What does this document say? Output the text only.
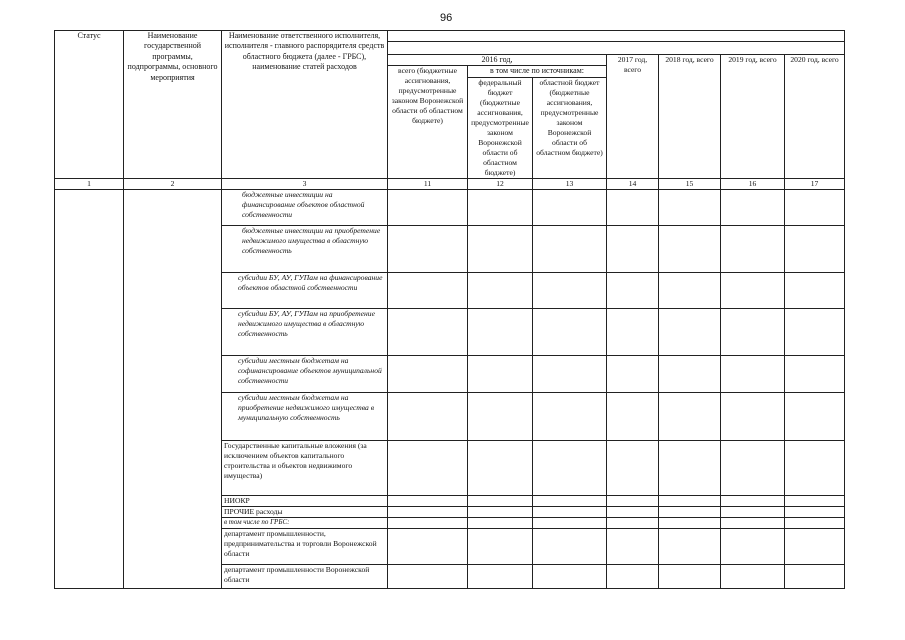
96
Статус	Наименование государственной программы, подпрограммы, основного мероприятия	Наименование ответственного исполнителя, исполнителя - главного распорядителя средств областного бюджета (далее - ГРБС), наименование статей расходов							

			2016 год,			2017 год, всего	2018 год, всего	2019 год, всего	2020 год, всего
			всего (бюджетные ассигнования, предусмотренные законом Воронежской области об областном бюджете)	в том числе по источникам:					
				федеральный бюджет (бюджетные ассигнования, предусмотренные законом Воронежской области об областном бюджете)	областной бюджет (бюджетные ассигнования, предусмотренные законом Воронежской области об областном бюджете)				
1	2	3	11	12	13	14	15	16	17
		бюджетные инвестиции на финансирование объектов областной собственности							
		бюджетные инвестиции на приобретение недвижимого имущества в областную собственность							
		субсидии БУ, АУ, ГУПам на финансирование объектов областной собственности							
		субсидии БУ, АУ, ГУПам на приобретение недвижимого имущества в областную собственность							
		субсидии местным бюджетам на софинансирование объектов муниципальной собственности							
		субсидии местным бюджетам на приобретение недвижимого имущества в муниципальную собственность							
		Государственные капитальные вложения (за исключением объектов капитального строительства и объектов недвижимого имущества)							
		НИОКР							
		ПРОЧИЕ расходы							
		в том числе по ГРБС:							
		департамент промышленности, предпринимательства и торговли Воронежской области							
		департамент промышленности Воронежской области							
